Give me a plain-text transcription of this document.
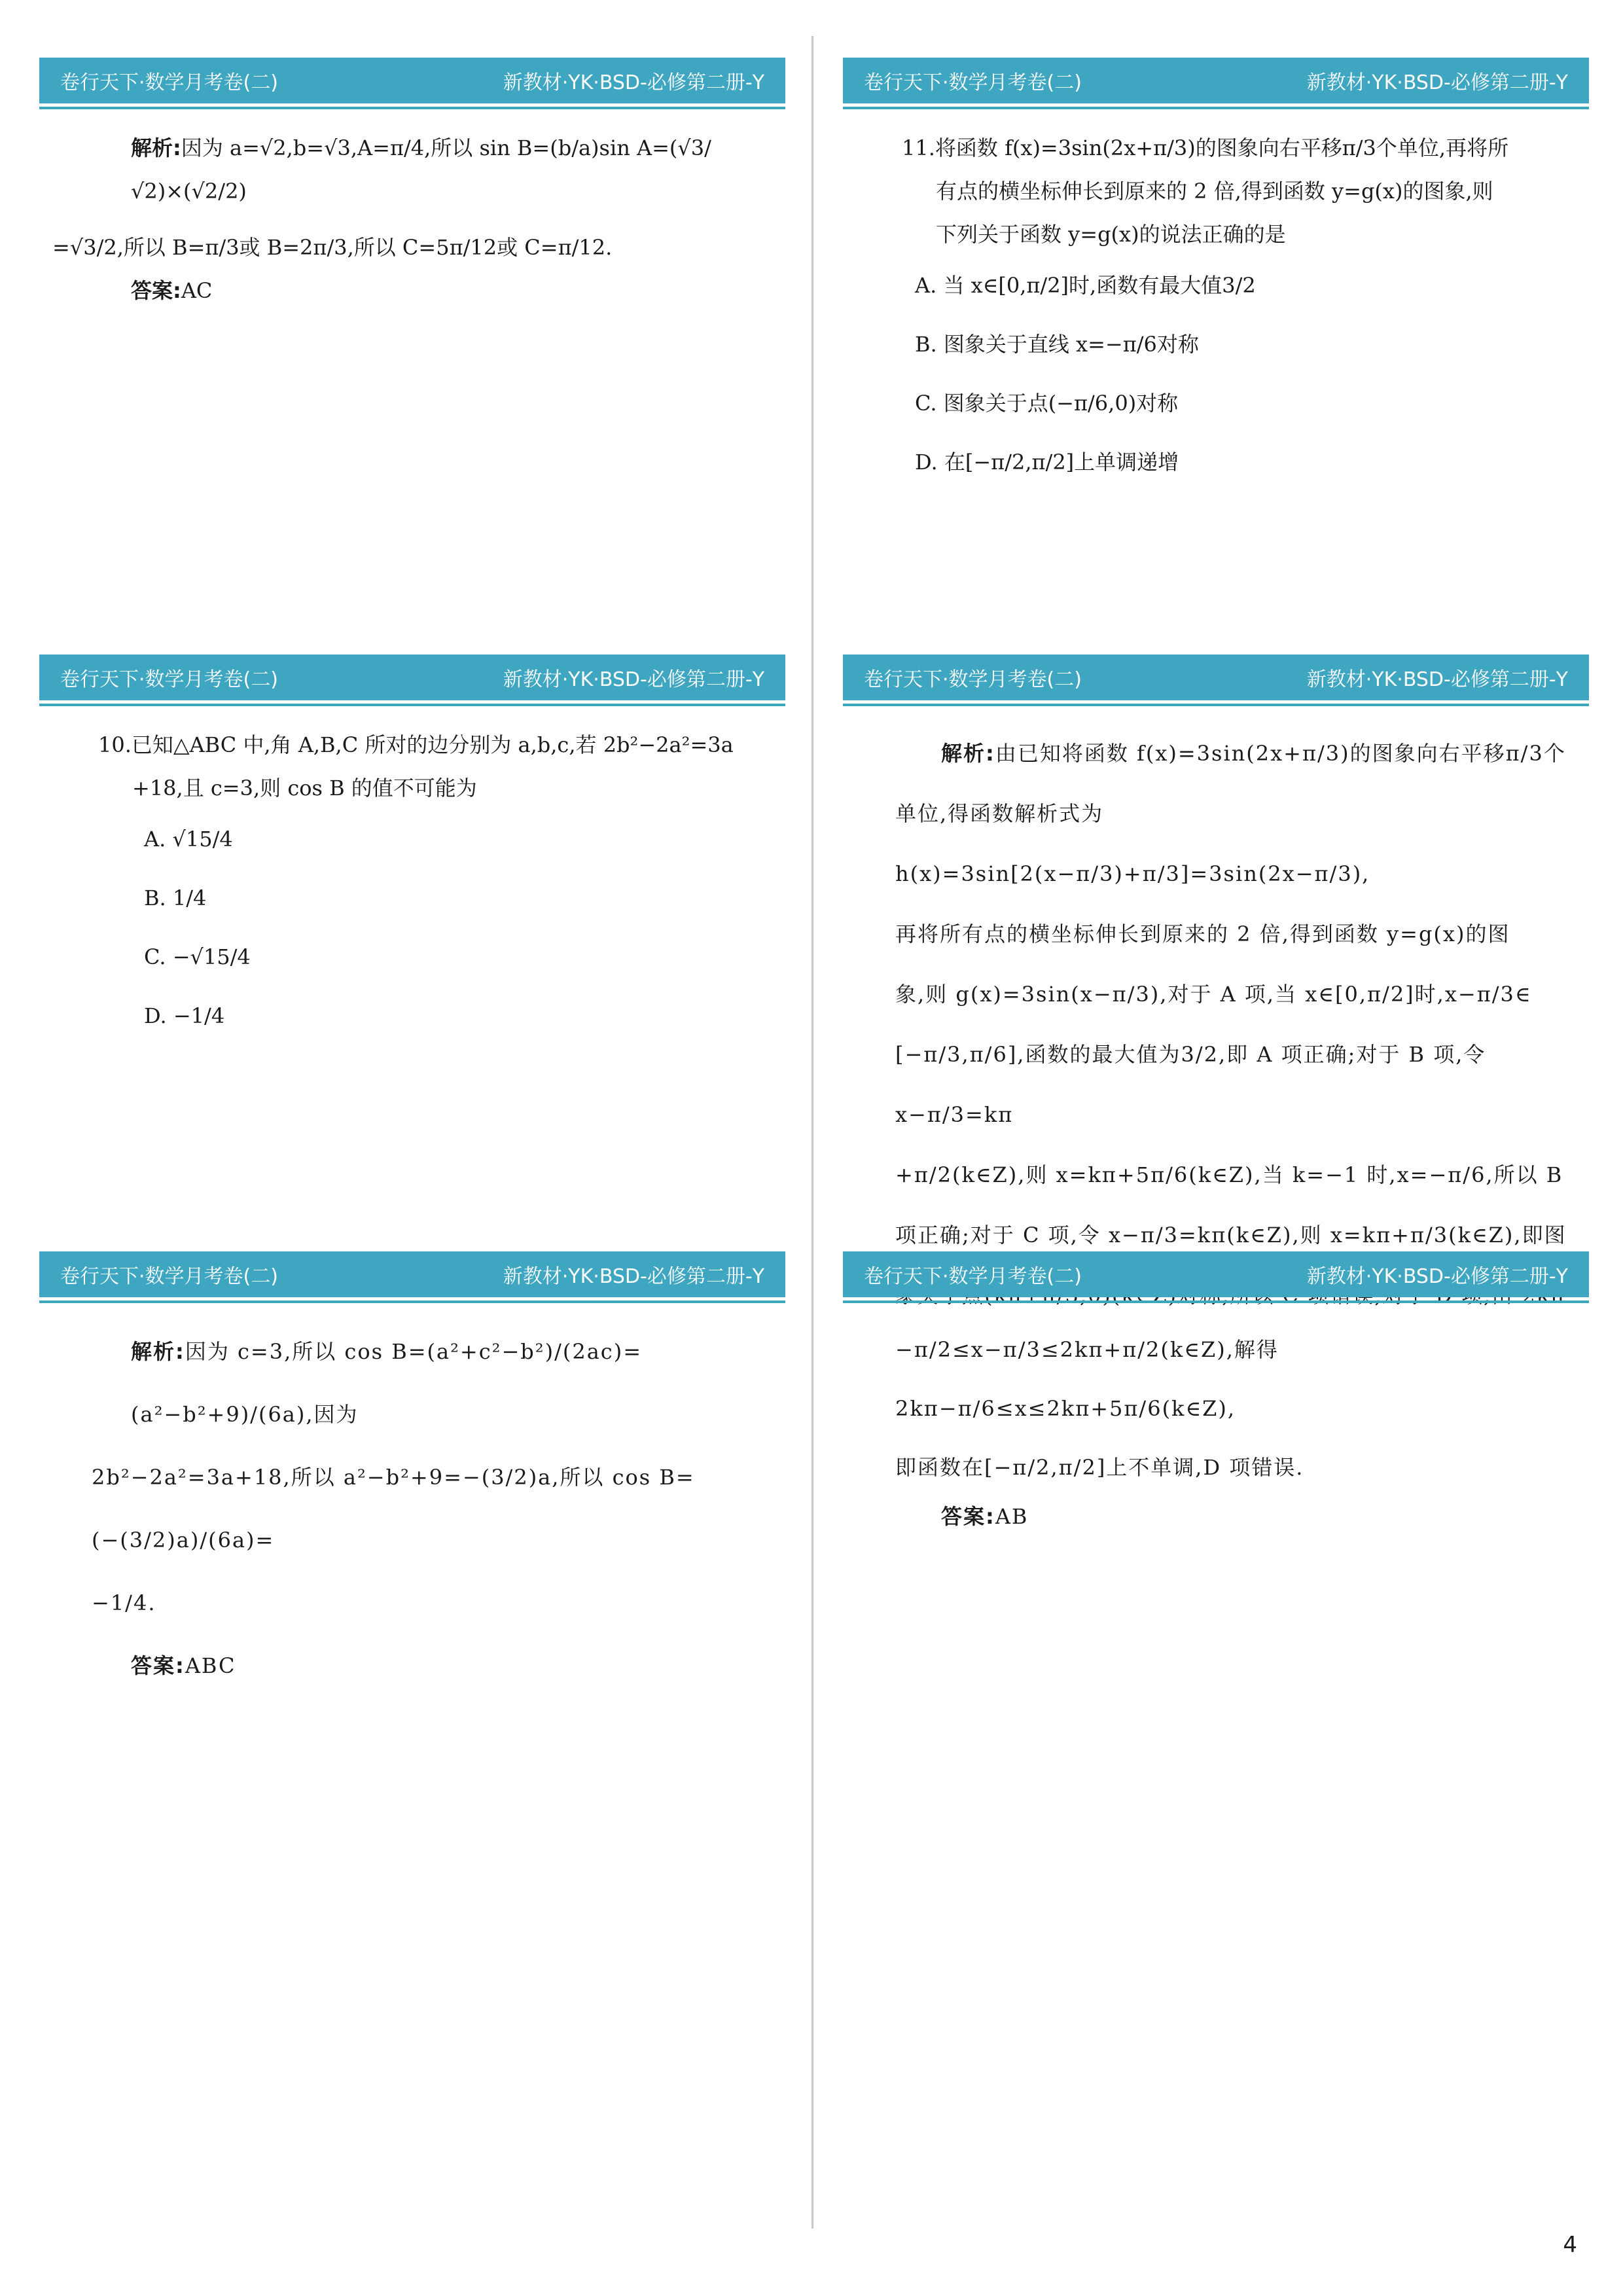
卷行天下·数学月考卷(二)	新教材·YK·BSD-必修第二册-Y

解析:因为 a=√2,b=√3,A=π/4,所以 sin B=(b/a)sin A=(√3/√2)×(√2/2)

=√3/2,所以 B=π/3或 B=2π/3,所以 C=5π/12或 C=π/12.

答案:AC

卷行天下·数学月考卷(二)	新教材·YK·BSD-必修第二册-Y

11.将函数 f(x)=3sin(2x+π/3)的图象向右平移π/3个单位,再将所

有点的横坐标伸长到原来的 2 倍,得到函数 y=g(x)的图象,则

下列关于函数 y=g(x)的说法正确的是

A. 当 x∈[0,π/2]时,函数有最大值3/2

B. 图象关于直线 x=−π/6对称

C. 图象关于点(−π/6,0)对称

D. 在[−π/2,π/2]上单调递增

卷行天下·数学月考卷(二)	新教材·YK·BSD-必修第二册-Y

10.已知△ABC 中,角 A,B,C 所对的边分别为 a,b,c,若 2b²−2a²=3a

+18,且 c=3,则 cos B 的值不可能为

A. √15/4

B. 1/4

C. −√15/4

D. −1/4

卷行天下·数学月考卷(二)	新教材·YK·BSD-必修第二册-Y

解析:由已知将函数 f(x)=3sin(2x+π/3)的图象向右平移π/3个

单位,得函数解析式为 h(x)=3sin[2(x−π/3)+π/3]=3sin(2x−π/3),

再将所有点的横坐标伸长到原来的 2 倍,得到函数 y=g(x)的图

象,则 g(x)=3sin(x−π/3),对于 A 项,当 x∈[0,π/2]时,x−π/3∈

[−π/3,π/6],函数的最大值为3/2,即 A 项正确;对于 B 项,令 x−π/3=kπ

+π/2(k∈Z),则 x=kπ+5π/6(k∈Z),当 k=−1 时,x=−π/6,所以 B

项正确;对于 C 项,令 x−π/3=kπ(k∈Z),则 x=kπ+π/3(k∈Z),即图

卷行天下·数学月考卷(二)	新教材·YK·BSD-必修第二册-Y

解析:因为 c=3,所以 cos B=(a²+c²−b²)/(2ac)=(a²−b²+9)/(6a),因为

2b²−2a²=3a+18,所以 a²−b²+9=−(3/2)a,所以 cos B=(−(3/2)a)/(6a)=

−1/4.

答案:ABC

卷行天下·数学月考卷(二)	新教材·YK·BSD-必修第二册-Y

−π/2≤x−π/3≤2kπ+π/2(k∈Z),解得 2kπ−π/6≤x≤2kπ+5π/6(k∈Z),

即函数在[−π/2,π/2]上不单调,D 项错误.

答案:AB

4
